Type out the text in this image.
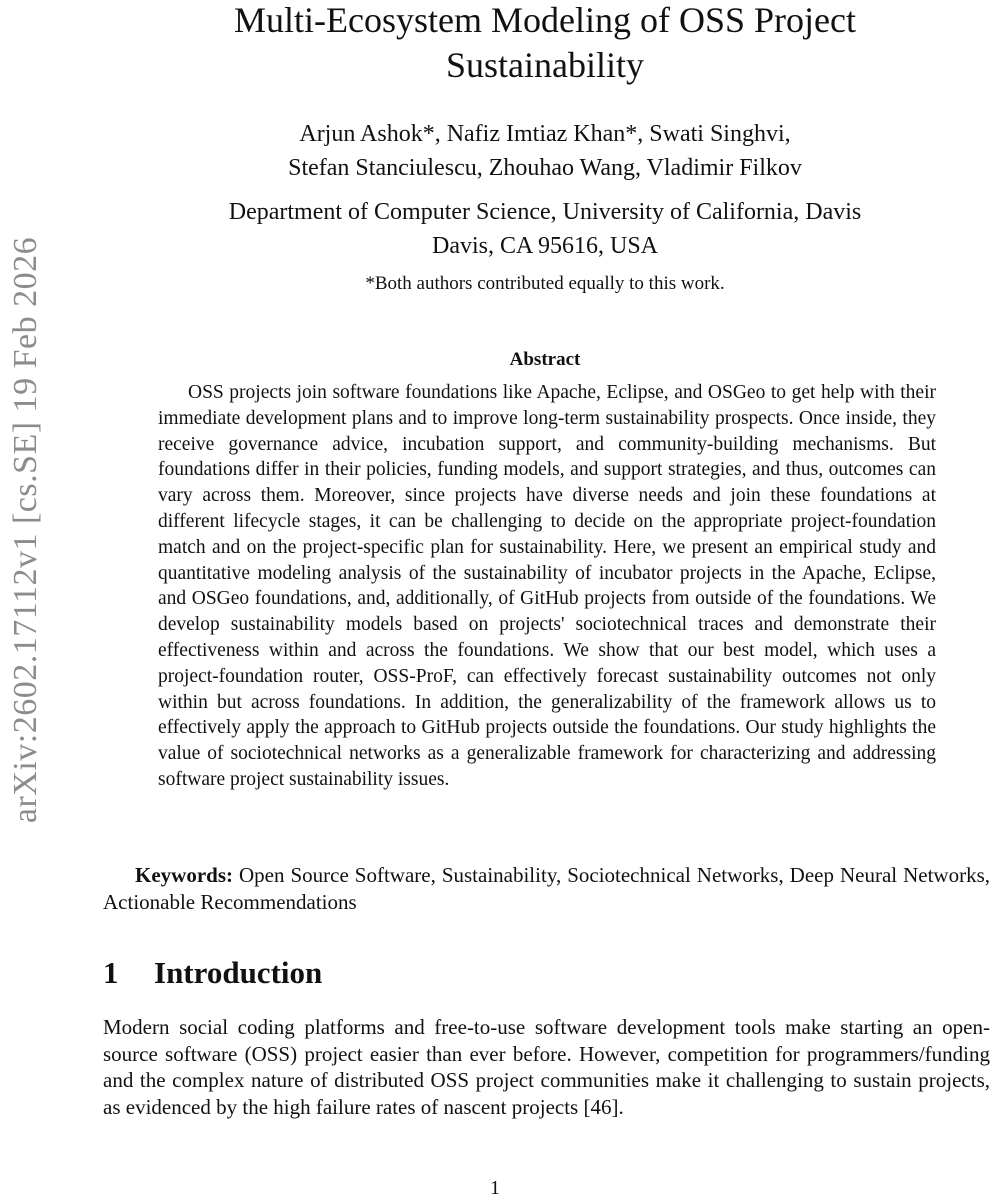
arXiv:2602.17112v1 [cs.SE] 19 Feb 2026
Multi-Ecosystem Modeling of OSS Project Sustainability
Arjun Ashok*, Nafiz Imtiaz Khan*, Swati Singhvi,
Stefan Stanciulescu, Zhouhao Wang, Vladimir Filkov
Department of Computer Science, University of California, Davis
Davis, CA 95616, USA
*Both authors contributed equally to this work.
Abstract

OSS projects join software foundations like Apache, Eclipse, and OSGeo to get help with their immediate development plans and to improve long-term sustainability prospects. Once inside, they receive governance advice, incubation support, and community-building mechanisms. But foundations differ in their policies, funding models, and support strategies, and thus, outcomes can vary across them. Moreover, since projects have diverse needs and join these foundations at different lifecycle stages, it can be challenging to decide on the appropriate project-foundation match and on the project-specific plan for sustainability. Here, we present an empirical study and quantitative modeling analysis of the sustainability of incubator projects in the Apache, Eclipse, and OSGeo foundations, and, additionally, of GitHub projects from outside of the foundations. We develop sustainability models based on projects' sociotechnical traces and demonstrate their effectiveness within and across the foundations. We show that our best model, which uses a project-foundation router, OSS-ProF, can effectively forecast sustainability outcomes not only within but across foundations. In addition, the generalizability of the framework allows us to effectively apply the approach to GitHub projects outside the foundations. Our study highlights the value of sociotechnical networks as a generalizable framework for characterizing and addressing software project sustainability issues.

Keywords: Open Source Software, Sustainability, Sociotechnical Networks, Deep Neural Networks, Actionable Recommendations

1 Introduction

Modern social coding platforms and free-to-use software development tools make starting an open-source software (OSS) project easier than ever before. However, competition for programmers/funding and the complex nature of distributed OSS project communities make it challenging to sustain projects, as evidenced by the high failure rates of nascent projects [46].

1
